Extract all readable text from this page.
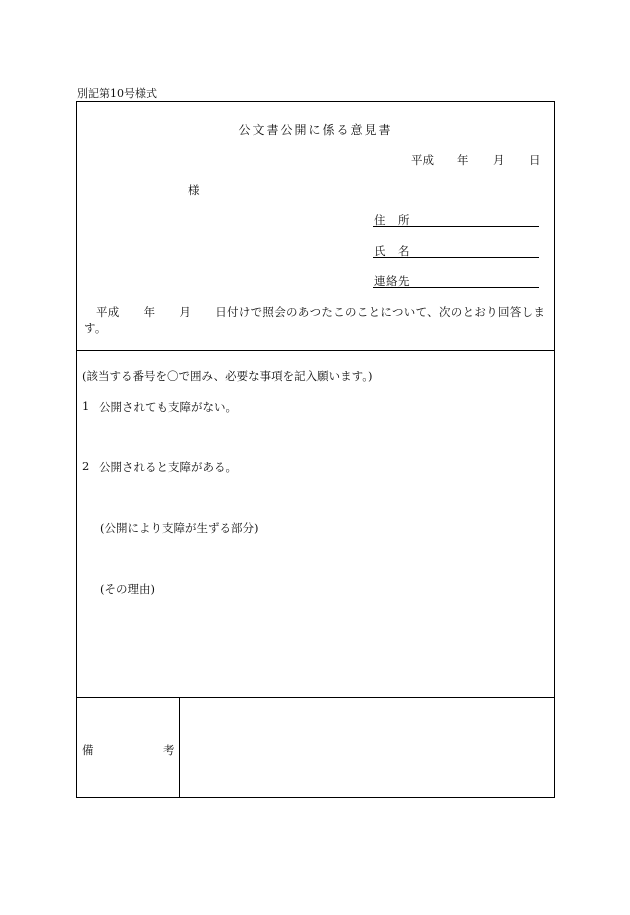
別記第10号様式
公文書公開に係る意見書
平成 年 月 日
様
住　所
氏　名
連絡先
平成 年 月 日付けで照会のあつたこのことについて、次のとおり回答します。
(該当する番号を〇で囲み、必要な事項を記入願います。)
1 公開されても支障がない。
2 公開されると支障がある。
(公開により支障が生ずる部分)
(その理由)
備	考
